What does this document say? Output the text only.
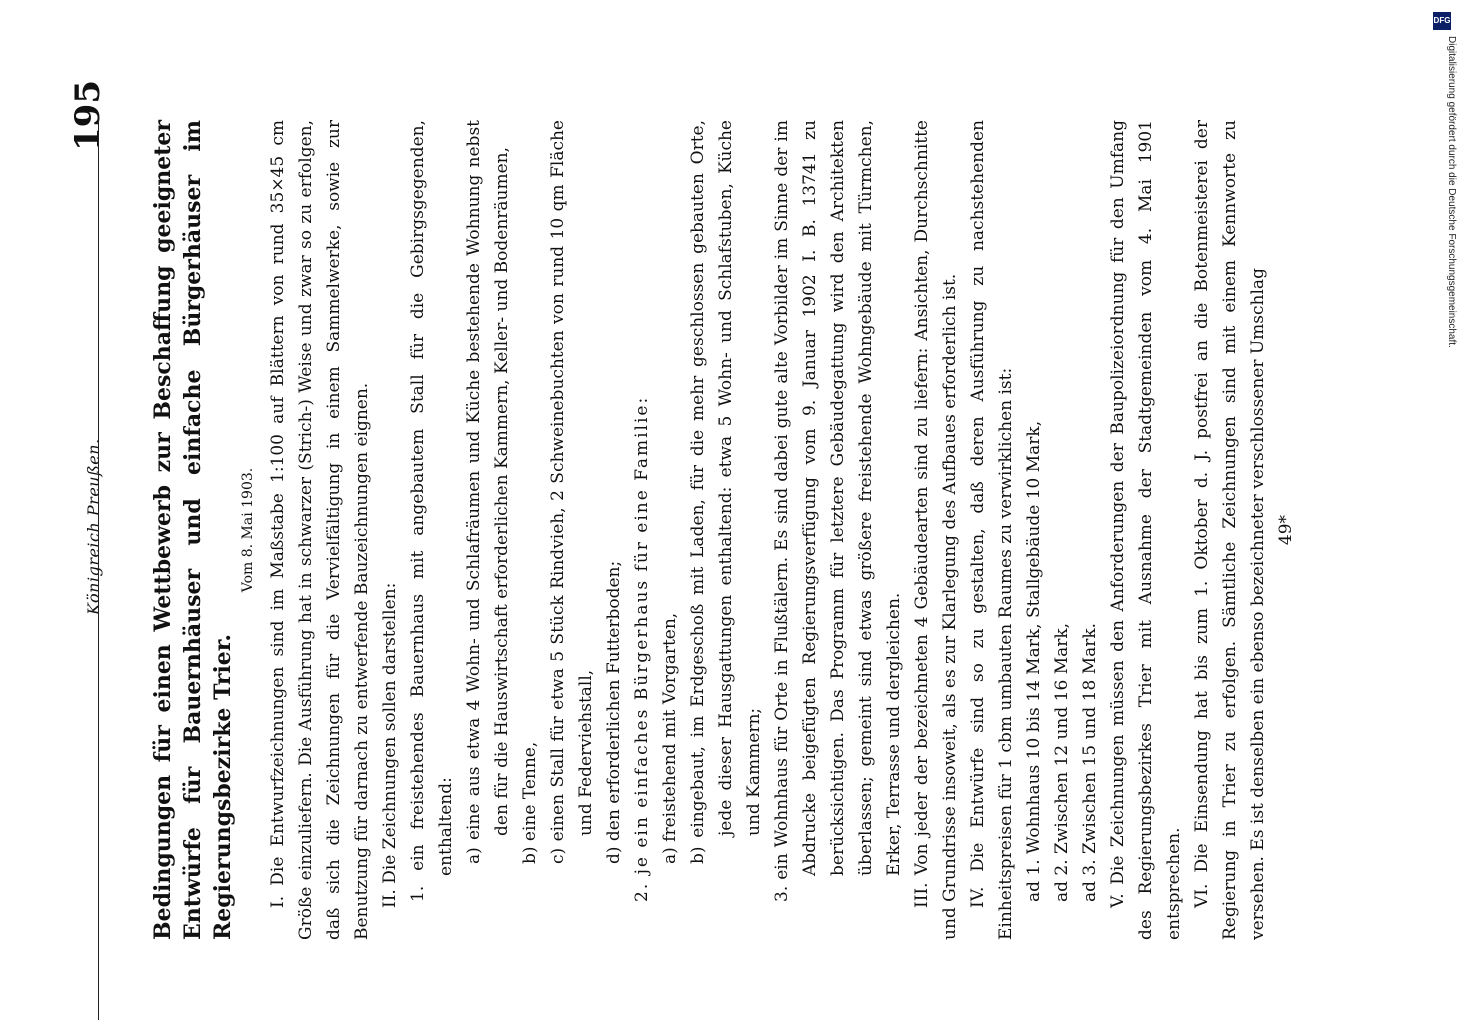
Königreich Preußen.
195

Bedingungen für einen Wettbewerb zur Beschaffung geeigneter Entwürfe für Bauernhäuser und einfache Bürgerhäuser im Regierungsbezirke Trier.

Vom 8. Mai 1903. I. Die Entwurfzeichnungen sind im Maßstabe 1:100 auf Blättern von rund 35×45 cm Größe einzuliefern. Die Ausführung hat in schwarzer (Strich-) Weise und zwar so zu erfolgen, daß sich die Zeichnungen für die Vervielfältigung in einem Sammelwerke, sowie zur Benutzung für darnach zu entwerfende Bauzeichnungen eignen. II. Die Zeichnungen sollen darstellen: 1. ein freistehendes Bauernhaus mit angebautem Stall für die Gebirgsgegenden, enthaltend: a) eine aus etwa 4 Wohn- und Schlafräumen und Küche bestehende Wohnung nebst den für die Hauswirtschaft erforderlichen Kammern, Keller- und Bodenräumen, b) eine Tenne, c) einen Stall für etwa 5 Stück Rindvieh, 2 Schweinebuchten von rund 10 qm Fläche und Federviehstall, d) den erforderlichen Futterboden; 2. je ein einfaches Bürgerhaus für eine Familie: a) freistehend mit Vorgarten, b) eingebaut, im Erdgeschoß mit Laden, für die mehr geschlossen gebauten Orte, jede dieser Hausgattungen enthaltend: etwa 5 Wohn- und Schlafstuben, Küche und Kammern; 3. ein Wohnhaus für Orte in Flußtälern. Es sind dabei gute alte Vorbilder im Sinne der im Abdrucke beigefügten Regierungsverfügung vom 9. Januar 1902 I. B. 13741 zu berücksichtigen. Das Programm für letztere Gebäudegattung wird den Architekten überlassen; gemeint sind etwas größere freistehende Wohngebäude mit Türmchen, Erker, Terrasse und dergleichen. III. Von jeder der bezeichneten 4 Gebäudearten sind zu liefern: Ansichten, Durchschnitte und Grundrisse insoweit, als es zur Klarlegung des Aufbaues erforderlich ist. IV. Die Entwürfe sind so zu gestalten, daß deren Ausführung zu nachstehenden Einheitspreisen für 1 cbm umbauten Raumes zu verwirklichen ist: ad 1. Wohnhaus 10 bis 14 Mark, Stallgebäude 10 Mark, ad 2. Zwischen 12 und 16 Mark, ad 3. Zwischen 15 und 18 Mark. V. Die Zeichnungen müssen den Anforderungen der Baupolizeiordnung für den Umfang des Regierungsbezirkes Trier mit Ausnahme der Stadtgemeinden vom 4. Mai 1901 entsprechen. VI. Die Einsendung hat bis zum 1. Oktober d. J. postfrei an die Botenmeisterei der Regierung in Trier zu erfolgen. Sämtliche Zeichnungen sind mit einem Kennworte zu versehen. Es ist denselben ein ebenso bezeichneter verschlossener Umschlag 49*

DFG
Digitalisierung gefördert durch die Deutsche Forschungsgemeinschaft.
